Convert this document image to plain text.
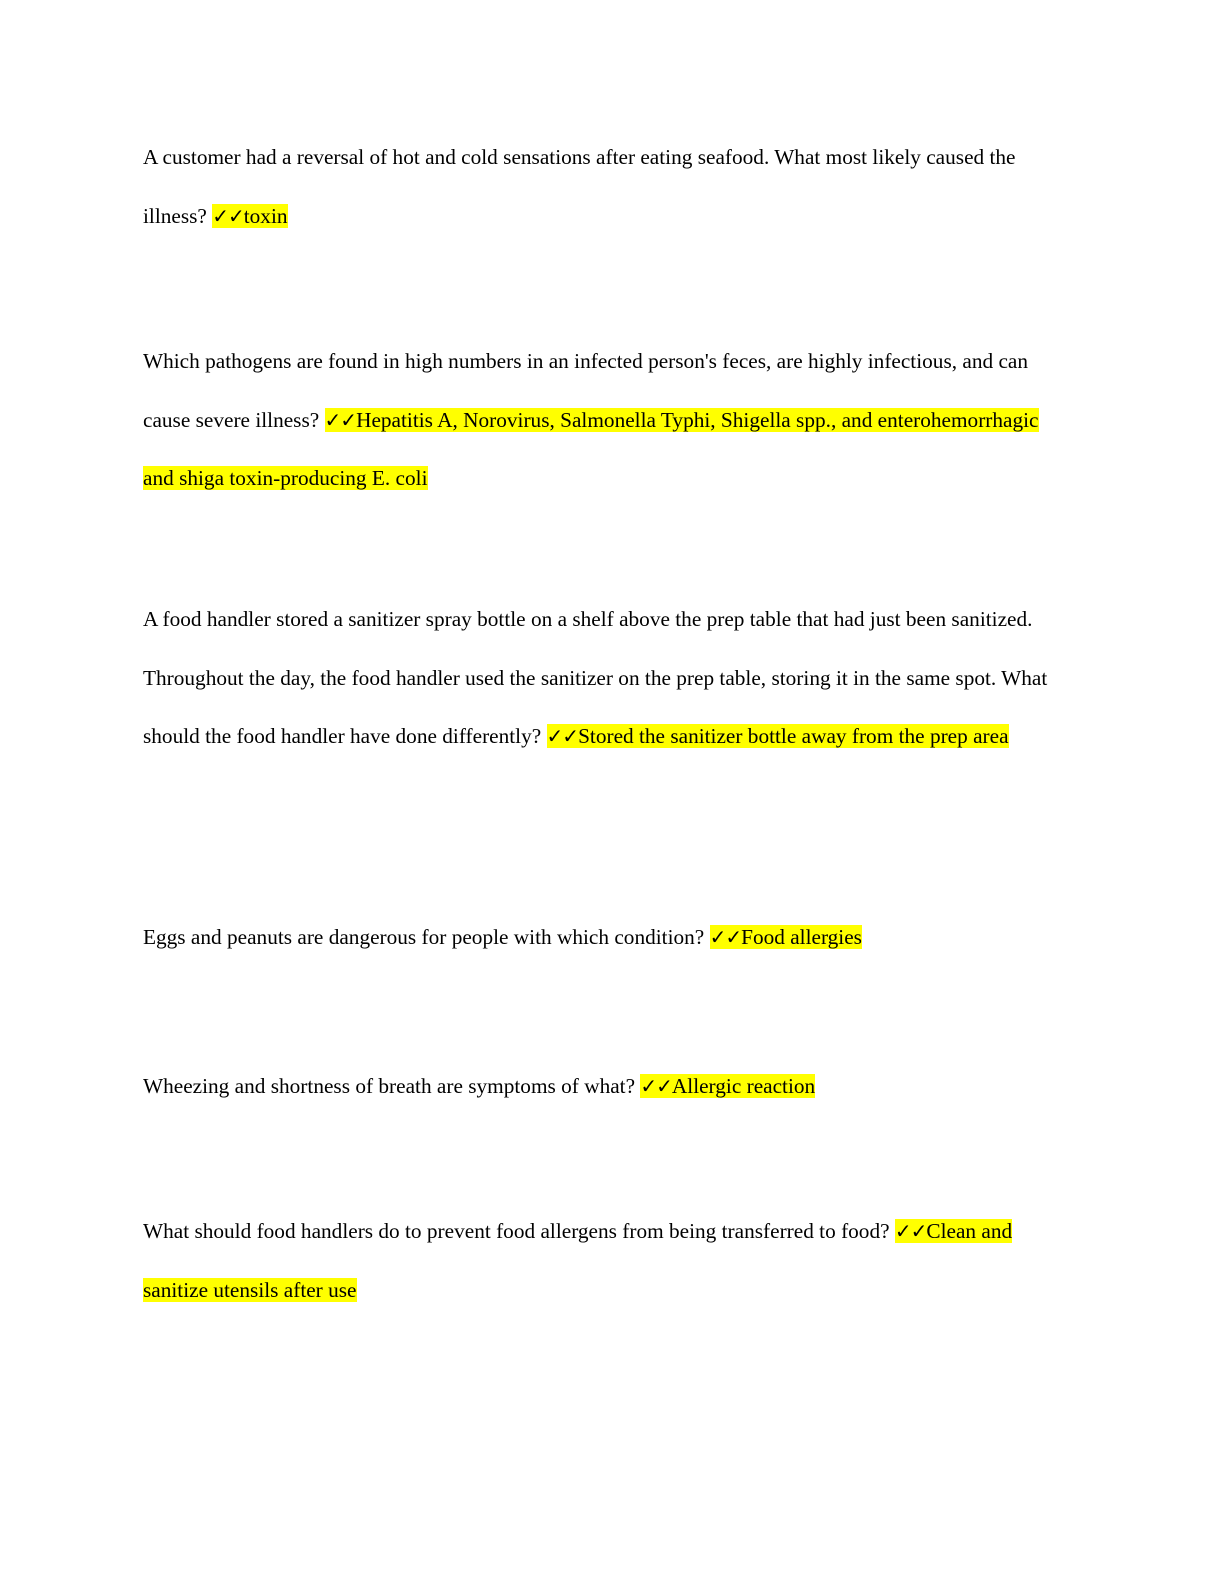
A customer had a reversal of hot and cold sensations after eating seafood. What most likely caused the illness? ✓✓toxin

Which pathogens are found in high numbers in an infected person's feces, are highly infectious, and can cause severe illness? ✓✓Hepatitis A, Norovirus, Salmonella Typhi, Shigella spp., and enterohemorrhagic and shiga toxin-producing E. coli

A food handler stored a sanitizer spray bottle on a shelf above the prep table that had just been sanitized. Throughout the day, the food handler used the sanitizer on the prep table, storing it in the same spot. What should the food handler have done differently? ✓✓Stored the sanitizer bottle away from the prep area

Eggs and peanuts are dangerous for people with which condition? ✓✓Food allergies

Wheezing and shortness of breath are symptoms of what? ✓✓Allergic reaction

What should food handlers do to prevent food allergens from being transferred to food? ✓✓Clean and sanitize utensils after use
